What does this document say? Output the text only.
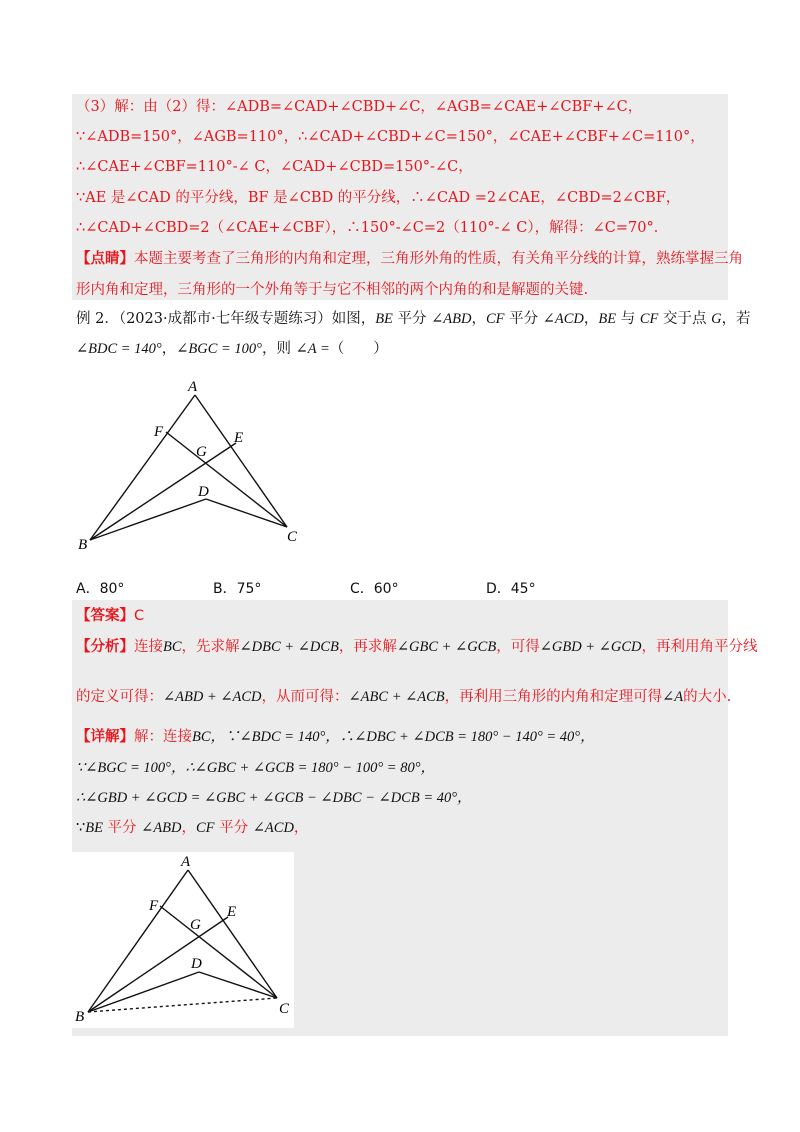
（3）解：由（2）得：∠ADB=∠CAD+∠CBD+∠C，∠AGB=∠CAE+∠CBF+∠C，
∵∠ADB=150°，∠AGB=110°，∴∠CAD+∠CBD+∠C=150°，∠CAE+∠CBF+∠C=110°，
∴∠CAE+∠CBF=110°-∠ C，∠CAD+∠CBD=150°-∠C，
∵AE 是∠CAD 的平分线，BF 是∠CBD 的平分线，∴∠CAD =2∠CAE，∠CBD=2∠CBF，
∴∠CAD+∠CBD=2（∠CAE+∠CBF），∴150°-∠C=2（110°-∠ C），解得：∠C=70°．
【点睛】本题主要考查了三角形的内角和定理，三角形外角的性质，有关角平分线的计算，熟练掌握三角
形内角和定理，三角形的一个外角等于与它不相邻的两个内角的和是解题的关键.
例 2．（2023·成都市·七年级专题练习）如图，BE 平分 ∠ABD，CF 平分 ∠ACD，BE 与 CF 交于点 G，若
∠BDC = 140°，∠BGC = 100°，则 ∠A =（　　）
A
F	E
G
D
B	C
A．80°	B．75°	C．60°	D．45°
【答案】C
【分析】连接BC，先求解∠DBC + ∠DCB，再求解∠GBC + ∠GCB，可得∠GBD + ∠GCD，再利用角平分线
的定义可得：∠ABD + ∠ACD，从而可得：∠ABC + ∠ACB，再利用三角形的内角和定理可得∠A的大小.
【详解】解：连接BC，∵∠BDC = 140°，∴∠DBC + ∠DCB = 180° − 140° = 40°，
∵∠BGC = 100°，∴∠GBC + ∠GCB = 180° − 100° = 80°，
∴∠GBD + ∠GCD = ∠GBC + ∠GCB − ∠DBC − ∠DCB = 40°，
∵BE 平分 ∠ABD，CF 平分 ∠ACD，
A
F	E
G
D
B	C
